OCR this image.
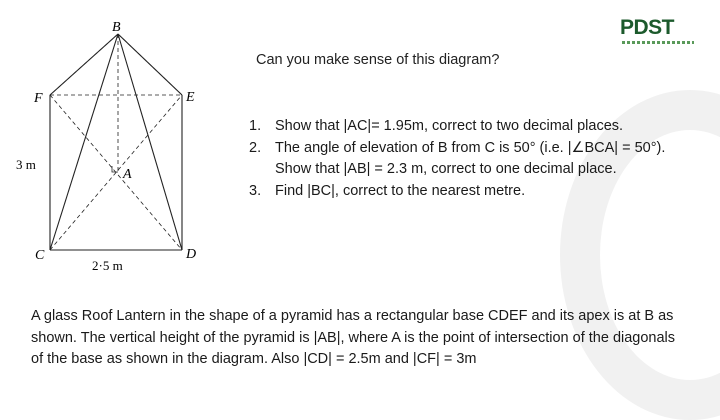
B
F	E
A
C	D
3 m
2·5 m
PDST
Can you make sense of this diagram?
1. Show that |AC|= 1.95m, correct to two decimal places.
2. The angle of elevation of B from C is 50° (i.e. |∠BCA| = 50°). Show that |AB| = 2.3 m, correct to one decimal place.
3. Find |BC|, correct to the nearest metre.

A glass Roof Lantern in the shape of a pyramid has a rectangular base CDEF and its apex is at B as shown. The vertical height of the pyramid is |AB|, where A is the point of intersection of the diagonals of the base as shown in the diagram. Also |CD| = 2.5m and |CF| = 3m
